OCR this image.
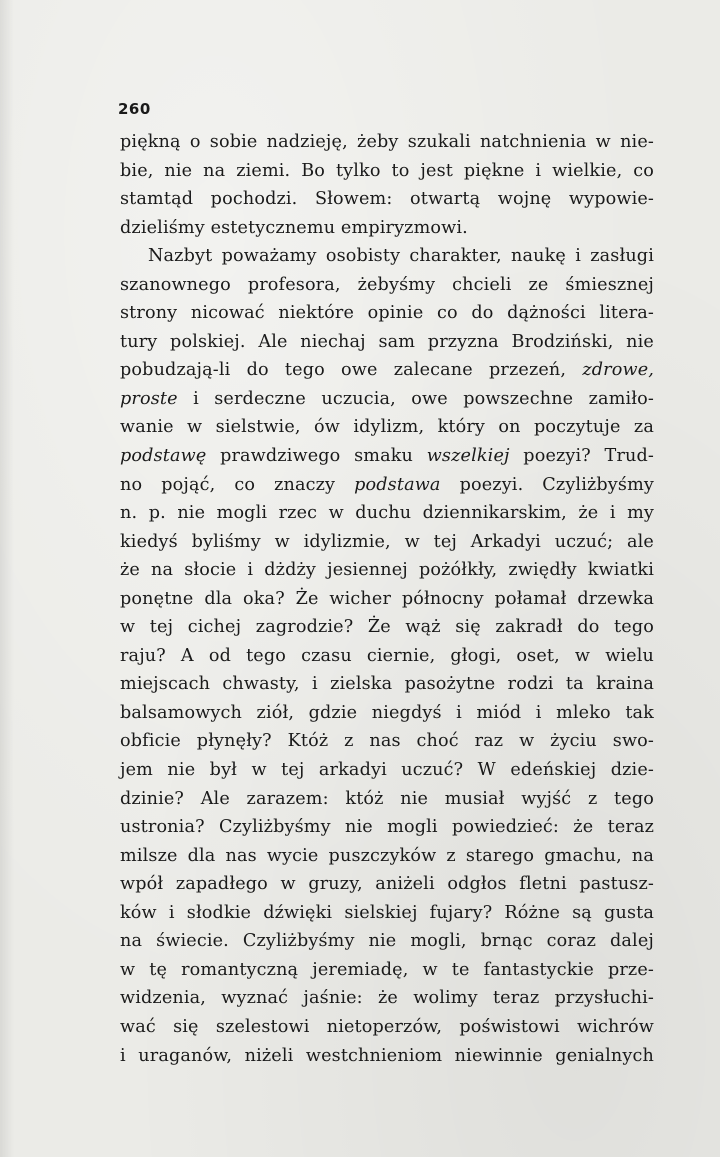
260
piękną o sobie nadzieję, żeby szukali natchnienia w nie-
bie, nie na ziemi. Bo tylko to jest piękne i wielkie, co
stamtąd pochodzi. Słowem: otwartą wojnę wypowie-
dzieliśmy estetycznemu empiryzmowi.
Nazbyt poważamy osobisty charakter, naukę i zasługi
szanownego profesora, żebyśmy chcieli ze śmiesznej
strony nicować niektóre opinie co do dążności litera-
tury polskiej. Ale niechaj sam przyzna Brodziński, nie
pobudzają-li do tego owe zalecane przezeń, zdrowe,
proste i serdeczne uczucia, owe powszechne zamiło-
wanie w sielstwie, ów idylizm, który on poczytuje za
podstawę prawdziwego smaku wszelkiej poezyi? Trud-
no pojąć, co znaczy podstawa poezyi. Czyliżbyśmy
n. p. nie mogli rzec w duchu dziennikarskim, że i my
kiedyś byliśmy w idylizmie, w tej Arkadyi uczuć; ale
że na słocie i dżdży jesiennej pożółkły, zwiędły kwiatki
ponętne dla oka? Że wicher północny połamał drzewka
w tej cichej zagrodzie? Że wąż się zakradł do tego
raju? A od tego czasu ciernie, głogi, oset, w wielu
miejscach chwasty, i zielska pasożytne rodzi ta kraina
balsamowych ziół, gdzie niegdyś i miód i mleko tak
obficie płynęły? Któż z nas choć raz w życiu swo-
jem nie był w tej arkadyi uczuć? W edeńskiej dzie-
dzinie? Ale zarazem: któż nie musiał wyjść z tego
ustronia? Czyliżbyśmy nie mogli powiedzieć: że teraz
milsze dla nas wycie puszczyków z starego gmachu, na
wpół zapadłego w gruzy, aniżeli odgłos fletni pastusz-
ków i słodkie dźwięki sielskiej fujary? Różne są gusta
na świecie. Czyliżbyśmy nie mogli, brnąc coraz dalej
w tę romantyczną jeremiadę, w te fantastyckie prze-
widzenia, wyznać jaśnie: że wolimy teraz przysłuchi-
wać się szelestowi nietoperzów, poświstowi wichrów
i uraganów, niżeli westchnieniom niewinnie genialnych
